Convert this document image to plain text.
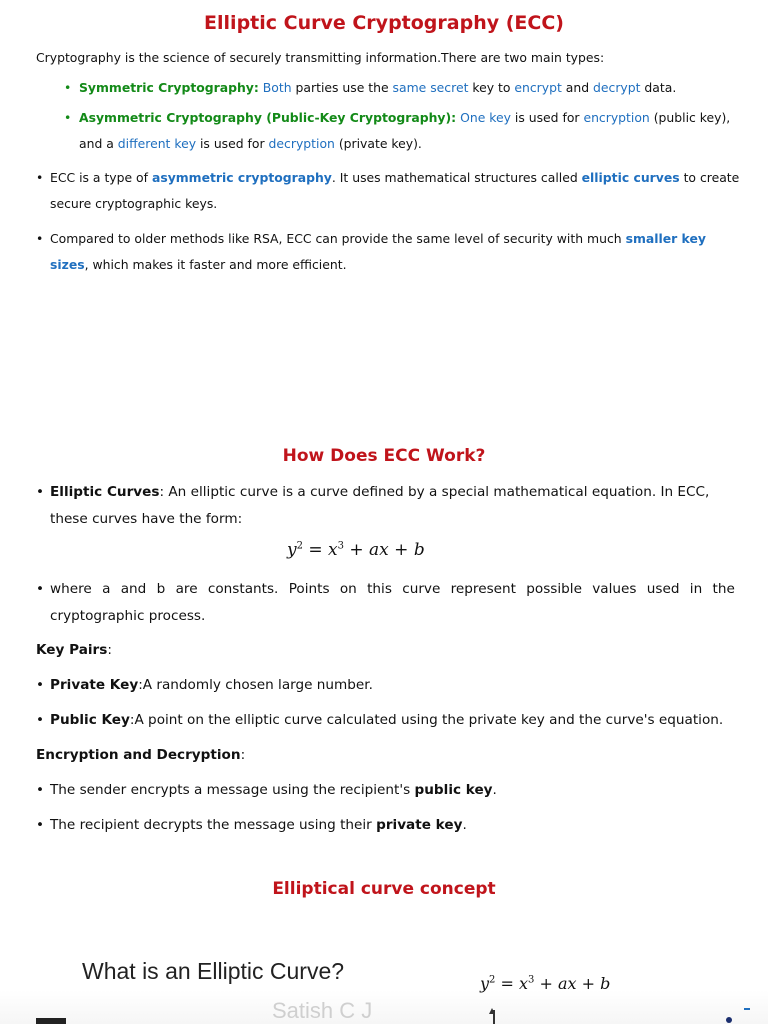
Elliptic Curve Cryptography (ECC)
Cryptography is the science of securely transmitting information.There are two main types:
• Symmetric Cryptography: Both parties use the same secret key to encrypt and decrypt data.
• Asymmetric Cryptography (Public-Key Cryptography): One key is used for encryption (public key),
and a different key is used for decryption (private key).
• ECC is a type of asymmetric cryptography. It uses mathematical structures called elliptic curves to create
secure cryptographic keys.
• Compared to older methods like RSA, ECC can provide the same level of security with much smaller key
sizes, which makes it faster and more efficient.
How Does ECC Work?
• Elliptic Curves: An elliptic curve is a curve defined by a special mathematical equation. In ECC,
these curves have the form:
$y^2 = x^3$ + ax + b
• where a and b are constants. Points on this curve represent possible values used in the
cryptographic process.
Key Pairs:
• Private Key:A randomly chosen large number.
• Public Key:A point on the elliptic curve calculated using the private key and the curve's equation.
Encryption and Decryption:
• The sender encrypts a message using the recipient's public key.
• The recipient decrypts the message using their private key.
Elliptical curve concept
What is an Elliptic Curve?	$y^2 = x^3$ + ax + b
Satish C J
